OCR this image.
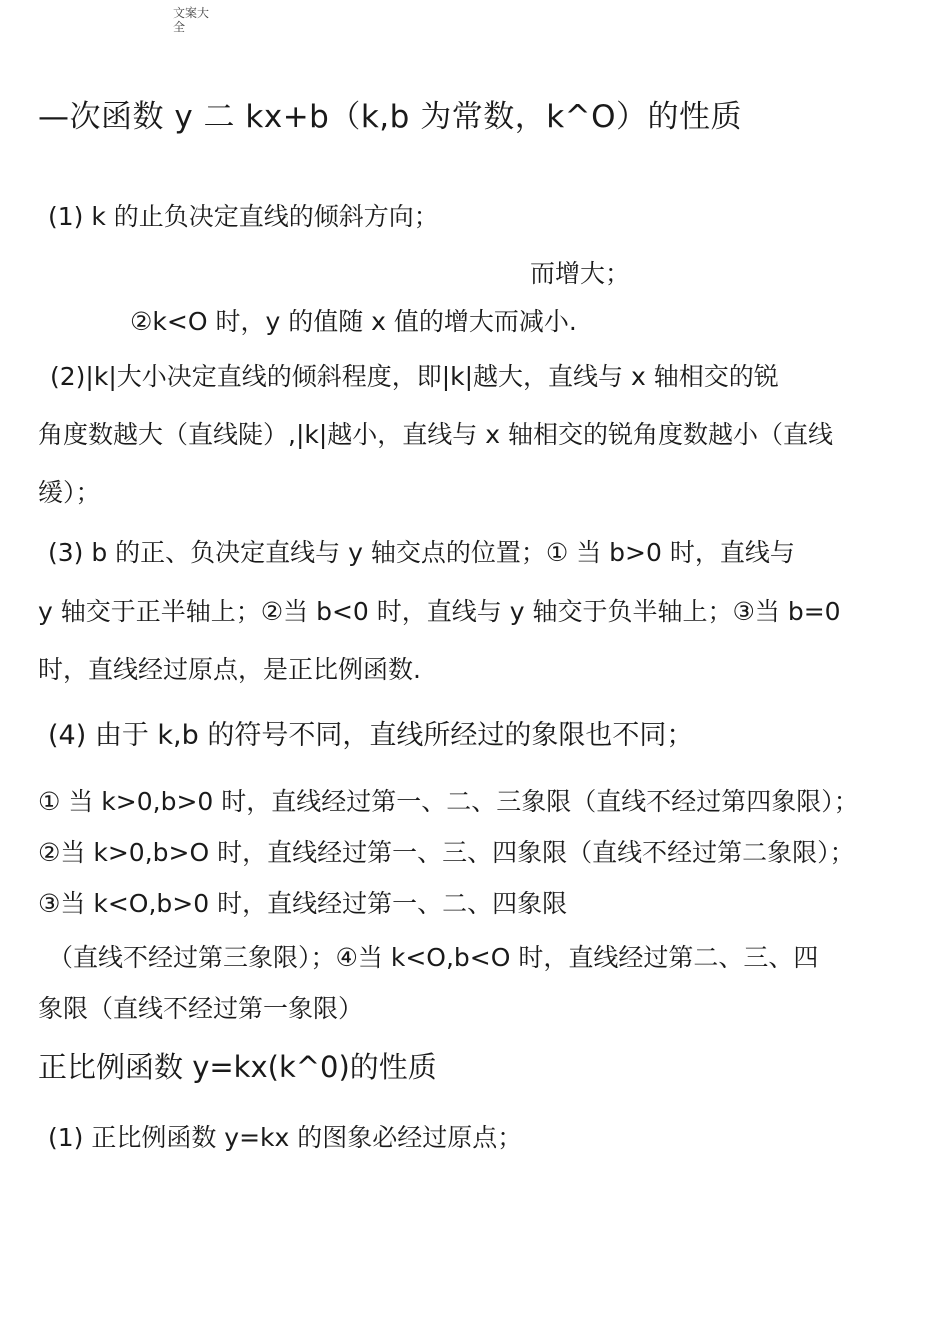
文案大全
—次函数 y 二 kx+b（k,b 为常数，k^O）的性质
(1) k 的止负决定直线的倾斜方向；
而增大；
②k<O 时，y 的值随 x 值的增大而减小.
(2)|k|大小决定直线的倾斜程度，即|k|越大，直线与 x 轴相交的锐
角度数越大（直线陡）,|k|越小，直线与 x 轴相交的锐角度数越小（直线
缓）；
(3) b 的正、负决定直线与 y 轴交点的位置；① 当 b>0 时，直线与
y 轴交于正半轴上；②当 b<0 时，直线与 y 轴交于负半轴上；③当 b=0
时，直线经过原点，是正比例函数.
(4) 由于 k,b 的符号不同，直线所经过的象限也不同；
① 当 k>0,b>0 时，直线经过第一、二、三象限（直线不经过第四象限）；
②当 k>0,b>O 时，直线经过第一、三、四象限（直线不经过第二象限）；
③当 k<O,b>0 时，直线经过第一、二、四象限
（直线不经过第三象限）；④当 k<O,b<O 时，直线经过第二、三、四
象限（直线不经过第一象限）
正比例函数 y=kx(k^0)的性质
(1) 正比例函数 y=kx 的图象必经过原点；
